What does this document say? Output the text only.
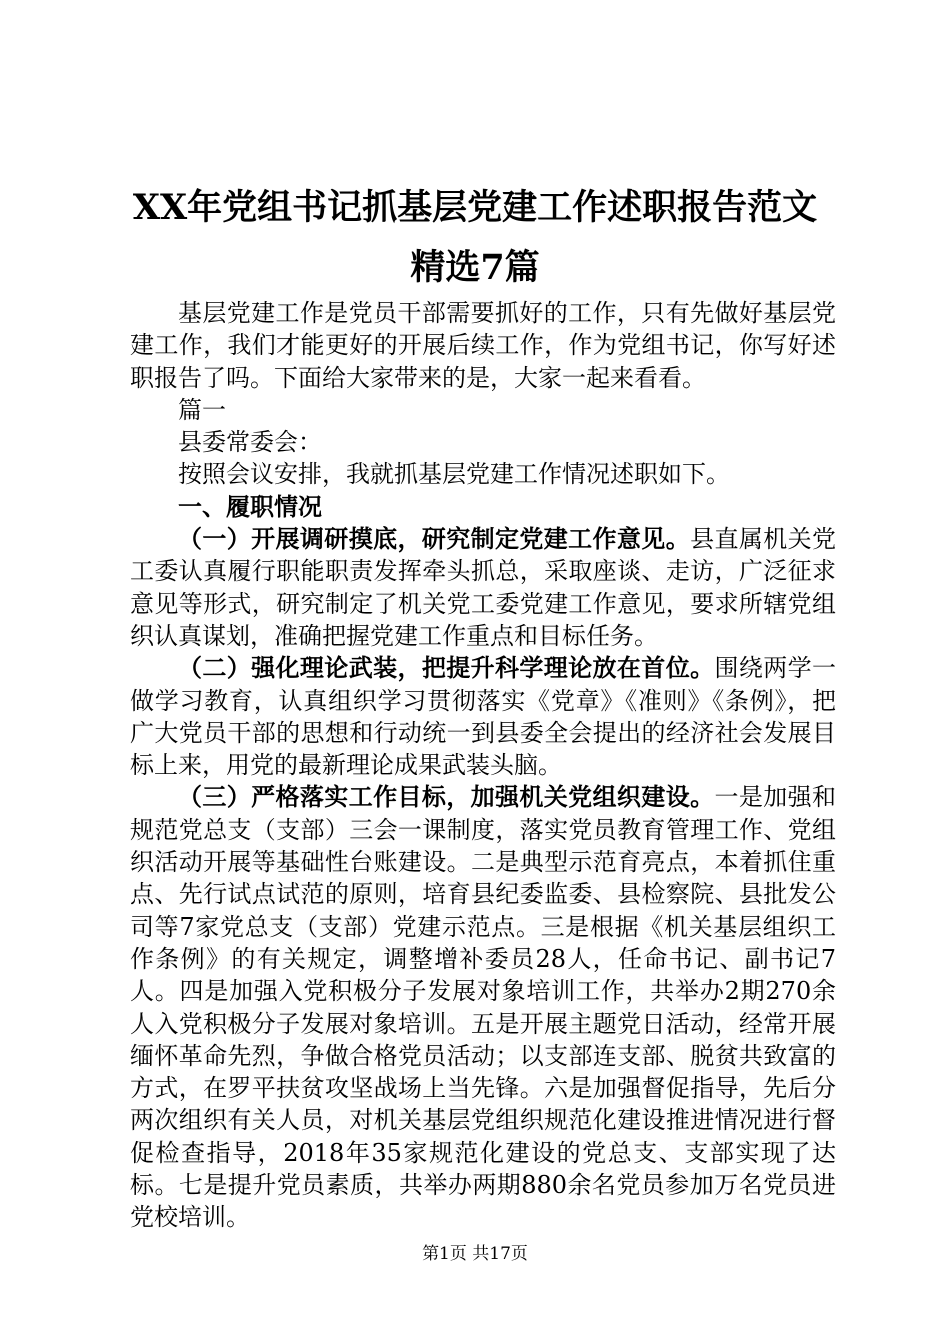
XX年党组书记抓基层党建工作述职报告范文
精选7篇

基层党建工作是党员干部需要抓好的工作，只有先做好基层党建工作，我们才能更好的开展后续工作，作为党组书记，你写好述职报告了吗。下面给大家带来的是，大家一起来看看。

篇一

县委常委会：

按照会议安排，我就抓基层党建工作情况述职如下。

一、履职情况

（一）开展调研摸底，研究制定党建工作意见。县直属机关党工委认真履行职能职责发挥牵头抓总，采取座谈、走访，广泛征求意见等形式，研究制定了机关党工委党建工作意见，要求所辖党组织认真谋划，准确把握党建工作重点和目标任务。

（二）强化理论武装，把提升科学理论放在首位。围绕两学一做学习教育，认真组织学习贯彻落实《党章》《准则》《条例》，把广大党员干部的思想和行动统一到县委全会提出的经济社会发展目标上来，用党的最新理论成果武装头脑。

（三）严格落实工作目标，加强机关党组织建设。一是加强和规范党总支（支部）三会一课制度，落实党员教育管理工作、党组织活动开展等基础性台账建设。二是典型示范育亮点，本着抓住重点、先行试点试范的原则，培育县纪委监委、县检察院、县批发公司等7家党总支（支部）党建示范点。三是根据《机关基层组织工作条例》的有关规定，调整增补委员28人，任命书记、副书记7人。四是加强入党积极分子发展对象培训工作，共举办2期270余人入党积极分子发展对象培训。五是开展主题党日活动，经常开展缅怀革命先烈，争做合格党员活动；以支部连支部、脱贫共致富的方式，在罗平扶贫攻坚战场上当先锋。六是加强督促指导，先后分两次组织有关人员，对机关基层党组织规范化建设推进情况进行督促检查指导，2018年35家规范化建设的党总支、支部实现了达标。七是提升党员素质，共举办两期880余名党员参加万名党员进党校培训。

第1页 共17页
